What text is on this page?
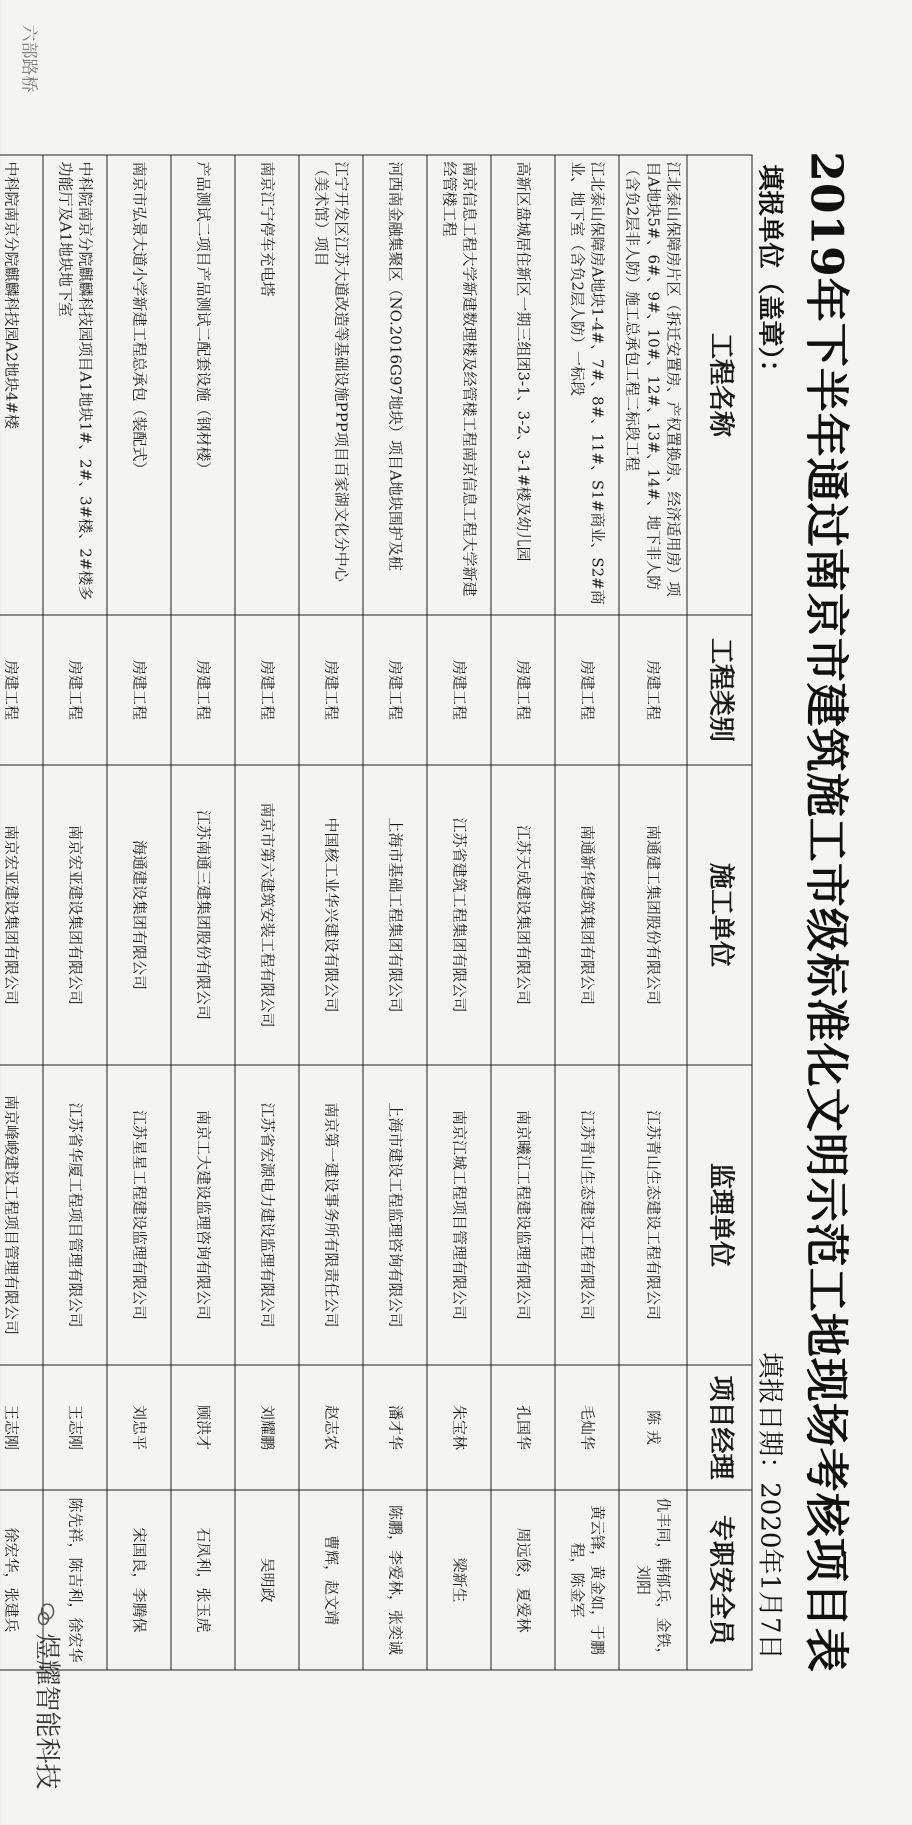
2019年下半年通过南京市建筑施工市级标准化文明示范工地现场考核项目表
填报单位（盖章）：
填报日期：2020年1月7日
工程名称	工程类别	施工单位	监理单位	项目经理	专职安全员
江北泰山保障房片区（拆迁安置房、产权置换房、经济适用房）项目A地块5#、6#、9#、10#、12#、13#、14#、地下非人防（含负2层非人防）施工总承包工程二标段工程	房建工程	南通建工集团股份有限公司	江苏青山生态建设工程有限公司	陈 戎	仇丰同，韩郁兵，金铁，刘阳
江北泰山保障房A地块1-4#、7#、8#、11#、S1#商业、S2#商业、地下室（含负2层人防）一标段	房建工程	南通新华建筑集团有限公司	江苏青山生态建设工程有限公司	毛灿华	黄云锋，黄金如，于鹏程，陈金军
高新区盘城居住新区一期三组团3-1、3-2、3-1#楼及幼儿园	房建工程	江苏天成建设集团有限公司	南京曦江工程建设监理有限公司	孔国华	周远俊，夏爱林
南京信息工程大学新建数理楼及经管楼工程南京信息工程大学新建经管楼工程	房建工程	江苏省建筑工程集团有限公司	南京江城工程项目管理有限公司	朱宝林	梁新生
河西南金融集聚区（NO.2016G97地块）项目A地块围护及桩	房建工程	上海市基础工程集团有限公司	上海市建设工程监理咨询有限公司	潘才华	陈鹏，李爱林，张奕诚
江宁开发区江苏大道改造等基础设施PPP项目百家湖文化分中心（美术馆）项目	房建工程	中国核工业华兴建设有限公司	南京第一建设事务所有限责任公司	赵志农	曹辉，赵文靖
南京江宁停车充电塔	房建工程	南京市第六建筑安装工程有限公司	江苏省宏源电力建设监理有限公司	刘耀鹏	吴明政
产品测试二项目产品测试二配套设施（钢材楼）	房建工程	江苏南通三建集团股份有限公司	南京工大建设监理咨询有限公司	顾洪才	石凤利，张玉虎
南京市弘景大道小学新建工程总承包（装配式）	房建工程	海通建设集团有限公司	江苏星星工程建设监理有限公司	刘忠平	宋国良，李腾保
中科院南京分院麒麟科技园项目A1地块1#、2#、3#楼、2#楼多功能厅及A1地块地下室	房建工程	南京宏亚建设集团有限公司	江苏省华厦工程项目管理有限公司	王志刚	陈先祥，陈吉利，徐宏华
中科院南京分院麒麟科技园A2地块4#楼	房建工程	南京宏亚建设集团有限公司	南京峰峻建设工程项目管理有限公司	王志刚	徐宏华，张建兵
六部路桥
煜耀智能科技
